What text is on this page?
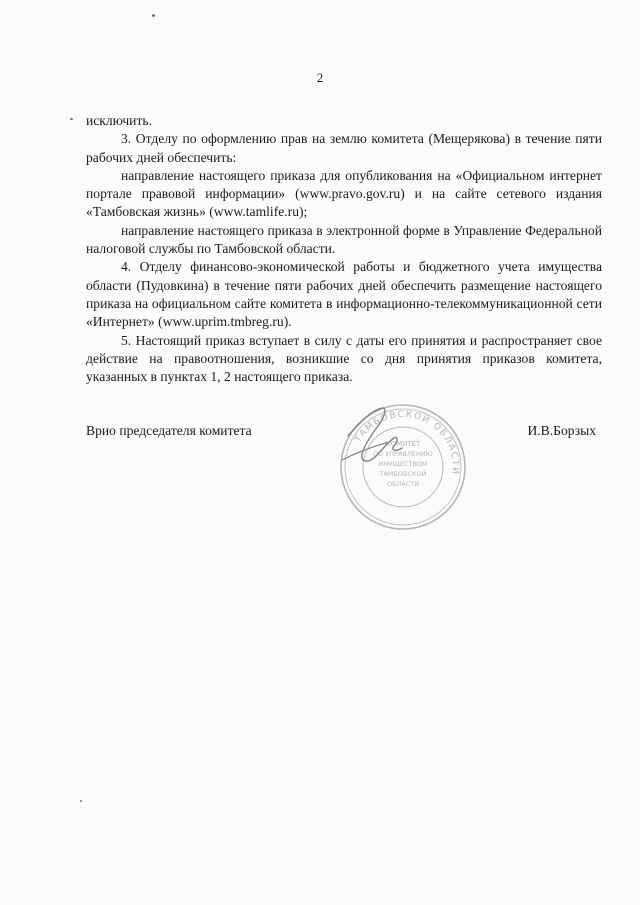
2

исключить.

3. Отделу по оформлению прав на землю комитета (Мещерякова) в течение пяти рабочих дней обеспечить:

направление настоящего приказа для опубликования на «Официальном интернет портале правовой информации» (www.pravo.gov.ru) и на сайте сетевого издания «Тамбовская жизнь» (www.tamlife.ru);

направление настоящего приказа в электронной форме в Управление Федеральной налоговой службы по Тамбовской области.

4. Отделу финансово-экономической работы и бюджетного учета имущества области (Пудовкина) в течение пяти рабочих дней обеспечить размещение настоящего приказа на официальном сайте комитета в информационно-телекоммуникационной сети «Интернет» (www.uprim.tmbreg.ru).

5. Настоящий приказ вступает в силу с даты его принятия и распространяет свое действие на правоотношения, возникшие со дня принятия приказов комитета, указанных в пунктах 1, 2 настоящего приказа.

Врио председателя комитета	И.В.Борзых
ТАМБОВСКОЙ ОБЛАСТИ
КОМИТЕТ
ПО УПРАВЛЕНИЮ
ИМУЩЕСТВОМ
ТАМБОВСКОЙ
ОБЛАСТИ
